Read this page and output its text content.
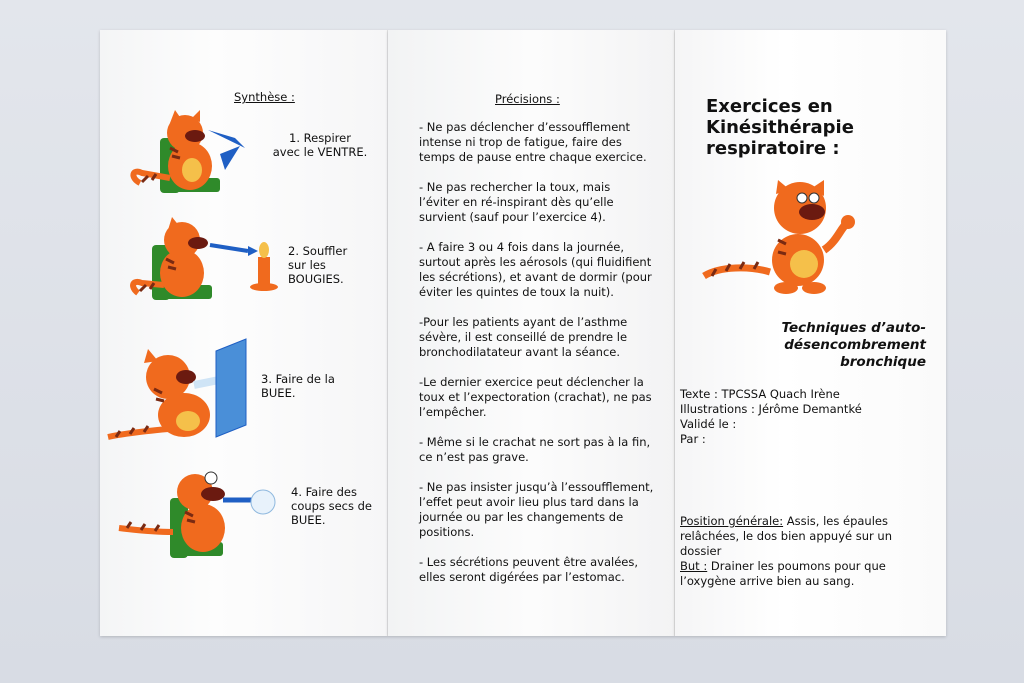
Synthèse :
1. Respirer
avec le VENTRE.
2. Souffler
sur les
BOUGIES.
3. Faire de la
BUEE.
4. Faire des
coups secs de
BUEE.
Précisions :

- Ne pas déclencher d’essoufflement intense ni trop de fatigue, faire des temps de pause entre chaque exercice.

- Ne pas rechercher la toux, mais l’éviter en ré-inspirant dès qu’elle survient (sauf pour l’exercice 4).

- A faire 3 ou 4 fois dans la journée, surtout après les aérosols (qui fluidifient les sécrétions), et avant de dormir (pour éviter les quintes de toux la nuit).

-Pour les patients ayant de l’asthme sévère, il est conseillé de prendre le bronchodilatateur avant la séance.

-Le dernier exercice peut déclencher la toux et l’expectoration (crachat), ne pas l’empêcher.

- Même si le crachat ne sort pas à la fin, ce n’est pas grave.

- Ne pas insister jusqu’à l’essoufflement, l’effet peut avoir lieu plus tard dans la journée ou par les changements de positions.

- Les sécrétions peuvent être avalées, elles seront digérées par l’estomac.

Exercices en
Kinésithérapie
respiratoire :
Techniques d’auto-
désencombrement
bronchique
Texte : TPCSSA Quach Irène
Illustrations : Jérôme Demantké
Validé le :
Par :
Position générale: Assis, les épaules relâchées, le dos bien appuyé sur un dossier
But : Drainer les poumons pour que l’oxygène arrive bien au sang.
